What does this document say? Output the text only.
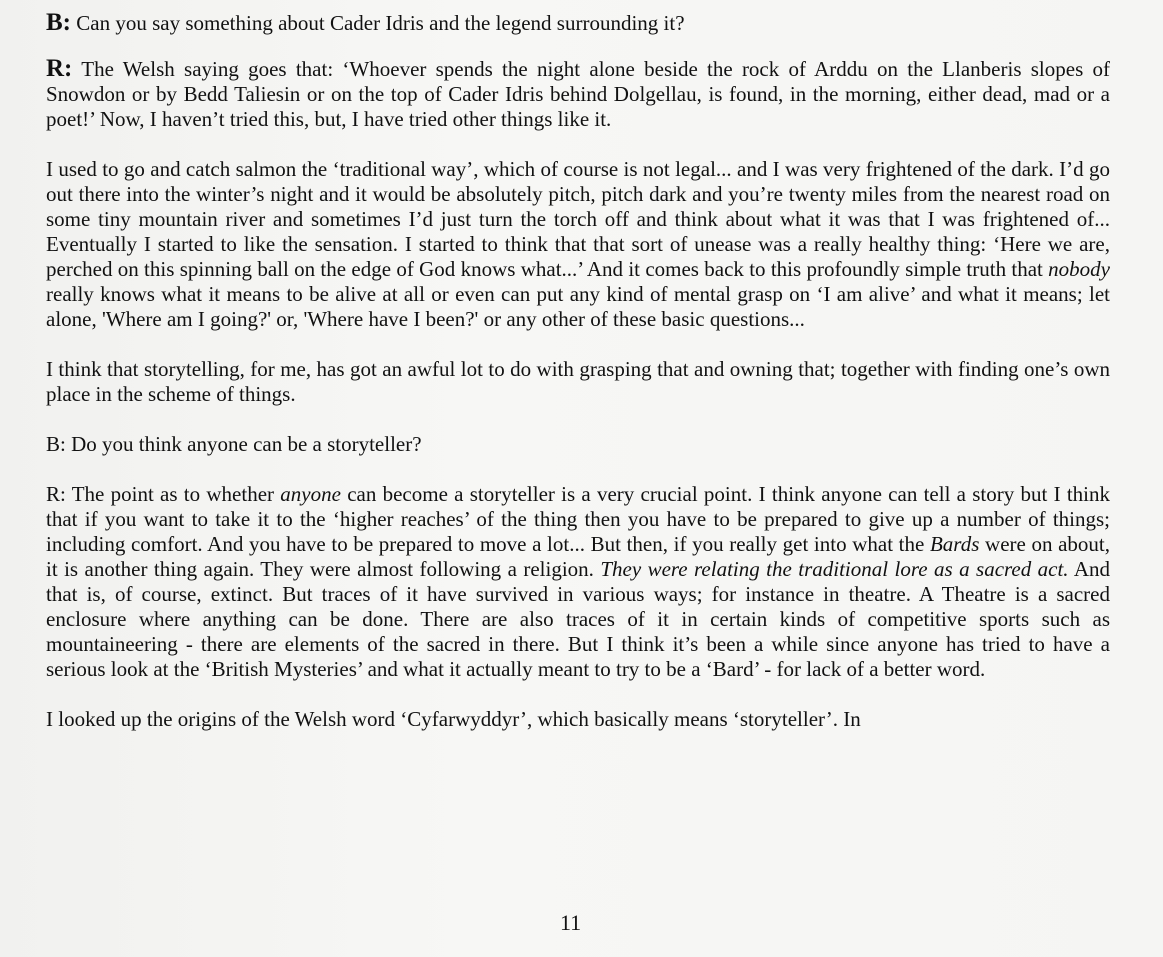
B: Can you say something about Cader Idris and the legend surrounding it?

R: The Welsh saying goes that: ‘Whoever spends the night alone beside the rock of Arddu on the Llanberis slopes of Snowdon or by Bedd Taliesin or on the top of Cader Idris behind Dolgellau, is found, in the morning, either dead, mad or a poet!’ Now, I haven’t tried this, but, I have tried other things like it.

I used to go and catch salmon the ‘traditional way’, which of course is not legal... and I was very frightened of the dark. I’d go out there into the winter’s night and it would be absolutely pitch, pitch dark and you’re twenty miles from the nearest road on some tiny mountain river and sometimes I’d just turn the torch off and think about what it was that I was frightened of... Eventually I started to like the sensation. I started to think that that sort of unease was a really healthy thing: ‘Here we are, perched on this spinning ball on the edge of God knows what...’ And it comes back to this profoundly simple truth that nobody really knows what it means to be alive at all or even can put any kind of mental grasp on ‘I am alive’ and what it means; let alone, 'Where am I going?' or, 'Where have I been?' or any other of these basic questions...

I think that storytelling, for me, has got an awful lot to do with grasping that and owning that; together with finding one’s own place in the scheme of things.

B: Do you think anyone can be a storyteller?

R: The point as to whether anyone can become a storyteller is a very crucial point. I think anyone can tell a story but I think that if you want to take it to the ‘higher reaches’ of the thing then you have to be prepared to give up a number of things; including comfort. And you have to be prepared to move a lot... But then, if you really get into what the Bards were on about, it is another thing again. They were almost following a religion. They were relating the traditional lore as a sacred act. And that is, of course, extinct. But traces of it have survived in various ways; for instance in theatre. A Theatre is a sacred enclosure where anything can be done. There are also traces of it in certain kinds of competitive sports such as mountaineering - there are elements of the sacred in there. But I think it’s been a while since anyone has tried to have a serious look at the ‘British Mysteries’ and what it actually meant to try to be a ‘Bard’ - for lack of a better word.

I looked up the origins of the Welsh word ‘Cyfarwyddyr’, which basically means ‘storyteller’. In

11
